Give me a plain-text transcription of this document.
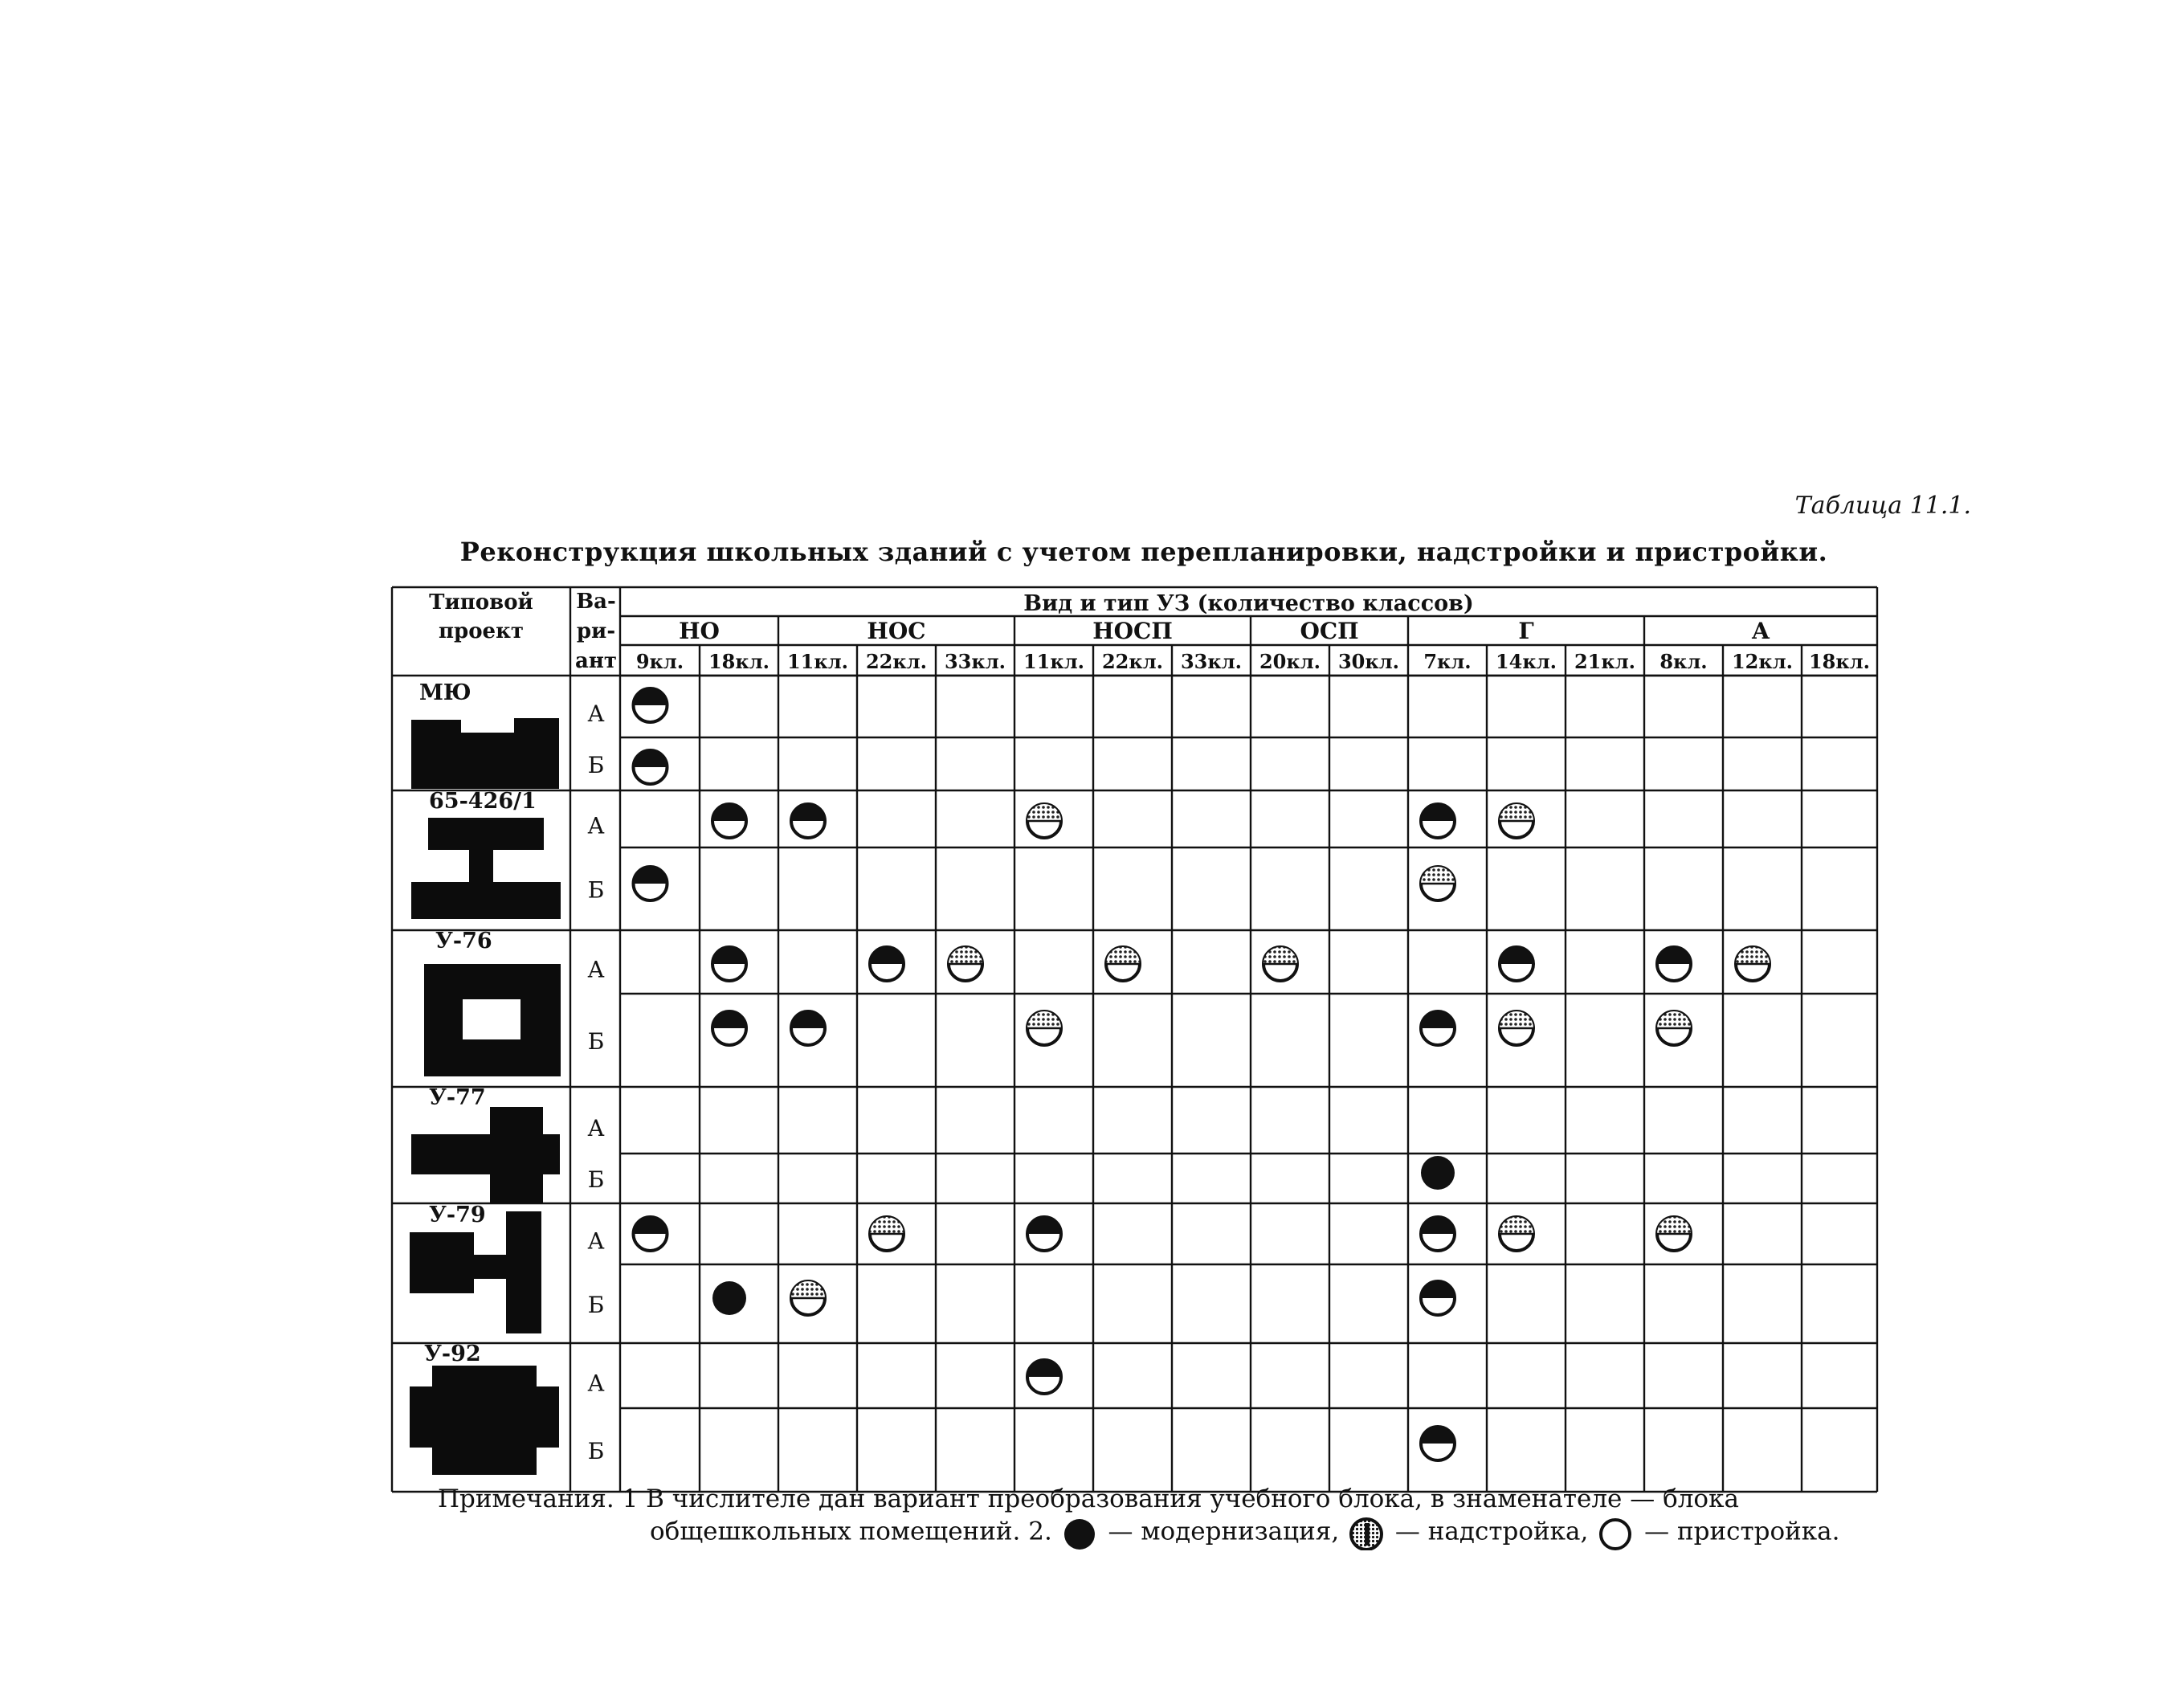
Таблица 11.1.
Реконструкция школьных зданий с учетом перепланировки, надстройки и пристройки.
Типовой
проект
Ва-
ри-
ант
Вид и тип УЗ (количество классов)
НО
9кл. 18кл.
НОС
11кл. 22кл. 33кл.
НОСП
11кл. 22кл. 33кл.
ОСП
20кл. 30кл.
Г
7кл. 14кл. 21кл.
А
8кл. 12кл. 18кл.
МЮ
А
Б
65-426/1
А
Б
У-76
А
Б
У-77
А
Б
У-79
А
Б
У-92
А
Б
Примечания. 1 В числителе дан вариант преобразования учебного блока, в знаменателе — блока
общешкольных помещений. 2. — модернизация, — надстройка, — пристройка.
